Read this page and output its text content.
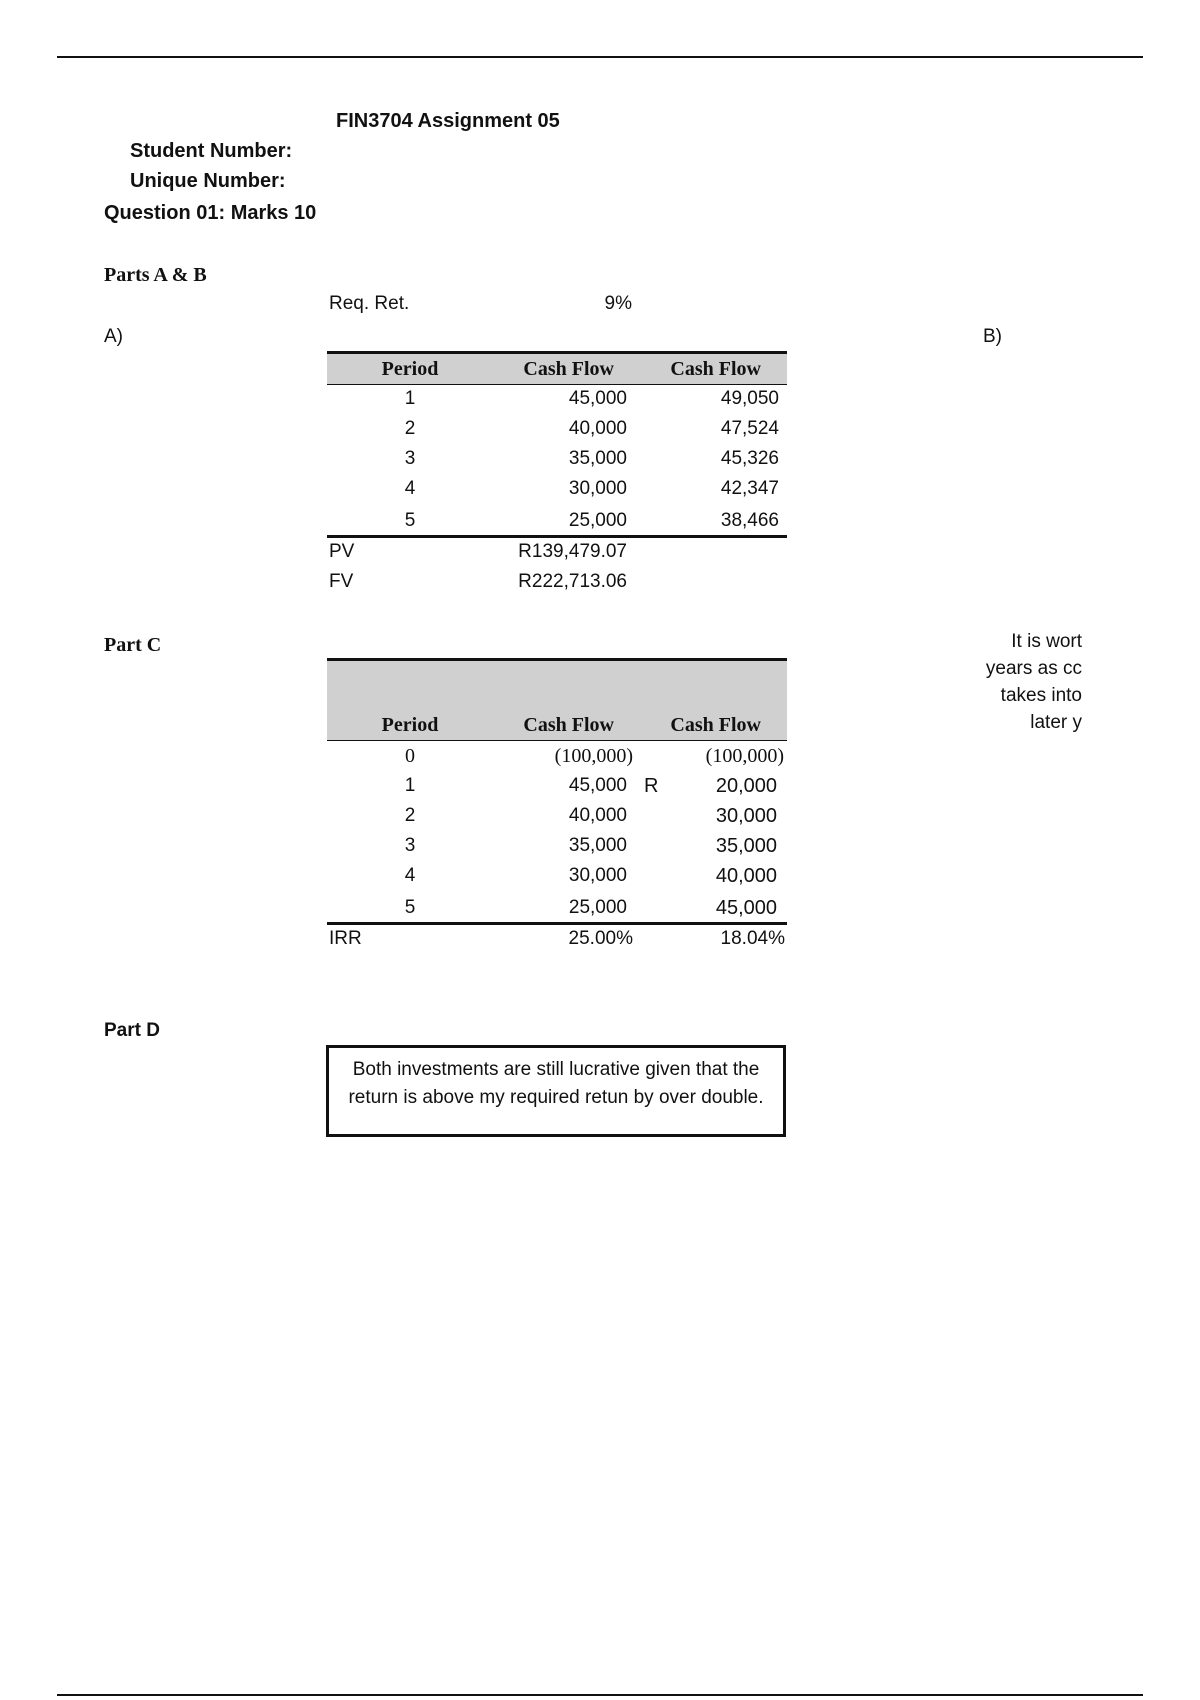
FIN3704 Assignment 05
Student Number:
Unique Number:
Question 01: Marks 10
Parts A & B
Req. Ret.	9%
A)	B)
Period	Cash Flow	Cash Flow
1	45,000	49,050
2	40,000	47,524
3	35,000	45,326
4	30,000	42,347
5	25,000	38,466
PV	R139,479.07
FV	R222,713.06
It is wort
years as cc
takes into
later y
Part C
Period	Cash Flow	Cash Flow
0	(100,000)	(100,000)
1	45,000 R	20,000
2	40,000	30,000
3	35,000	35,000
4	30,000	40,000
5	25,000	45,000
IRR	25.00%	18.04%
Part D
Both investments are still lucrative given that the return is above my required retun by over double.
